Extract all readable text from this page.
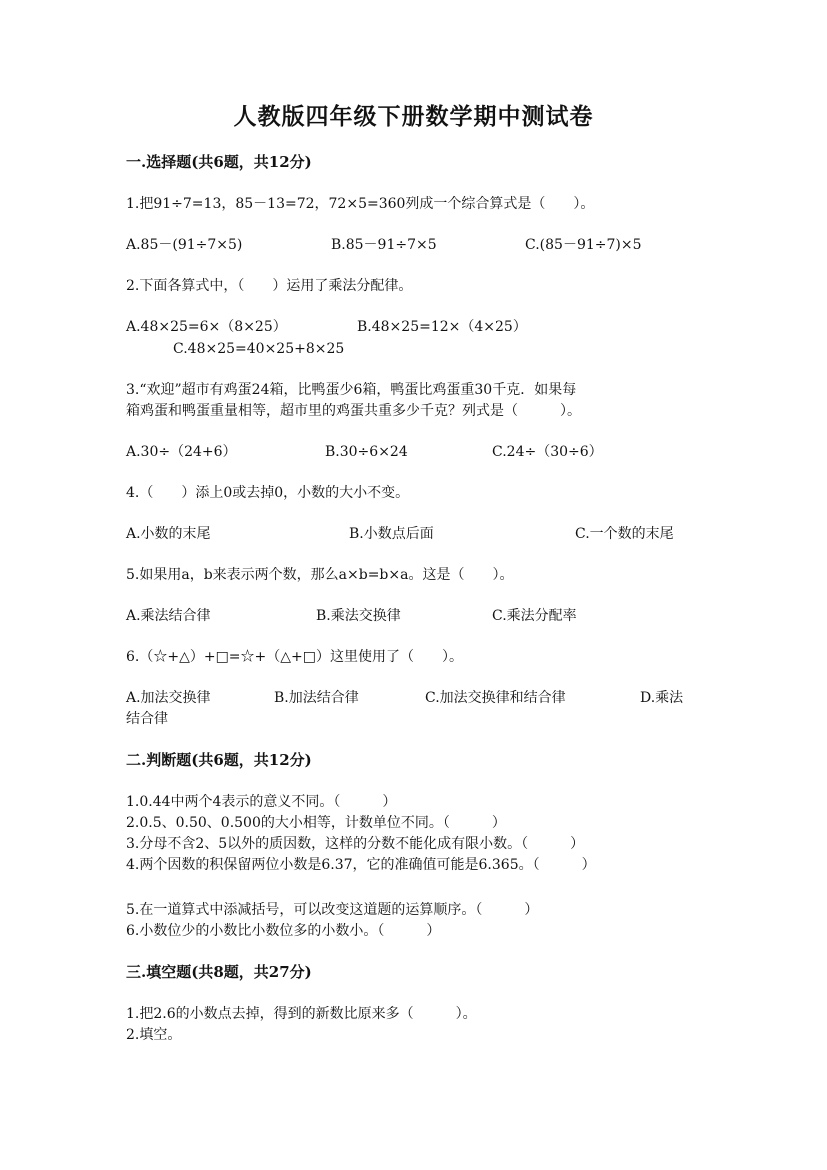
人教版四年级下册数学期中测试卷
一.选择题(共6题，共12分)
1.把91÷7=13，85－13=72，72×5=360列成一个综合算式是（　　）。
A.85－(91÷7×5)	B.85－91÷7×5	C.(85－91÷7)×5
2.下面各算式中，（　　）运用了乘法分配律。
A.48×25=6×（8×25）	B.48×25=12×（4×25）
C.48×25=40×25+8×25
3.“欢迎”超市有鸡蛋24箱，比鸭蛋少6箱，鸭蛋比鸡蛋重30千克．如果每
箱鸡蛋和鸭蛋重量相等，超市里的鸡蛋共重多少千克？列式是（　　　）。
A.30÷（24+6）	B.30÷6×24	C.24÷（30÷6）
4.（　　）添上0或去掉0，小数的大小不变。
A.小数的末尾	B.小数点后面	C.一个数的末尾
5.如果用a，b来表示两个数，那么a×b=b×a。这是（　　）。
A.乘法结合律	B.乘法交换律	C.乘法分配率
6.（☆+△）+□=☆+（△+□）这里使用了（　　）。
A.加法交换律	B.加法结合律	C.加法交换律和结合律	D.乘法
结合律
二.判断题(共6题，共12分)
1.0.44中两个4表示的意义不同。（　　　）
2.0.5、0.50、0.500的大小相等，计数单位不同。（　　　）
3.分母不含2、5以外的质因数，这样的分数不能化成有限小数。（　　　）
4.两个因数的积保留两位小数是6.37，它的准确值可能是6.365。（　　　）
5.在一道算式中添减括号，可以改变这道题的运算顺序。（　　　）
6.小数位少的小数比小数位多的小数小。（　　　）
三.填空题(共8题，共27分)
1.把2.6的小数点去掉，得到的新数比原来多（　　　）。
2.填空。
